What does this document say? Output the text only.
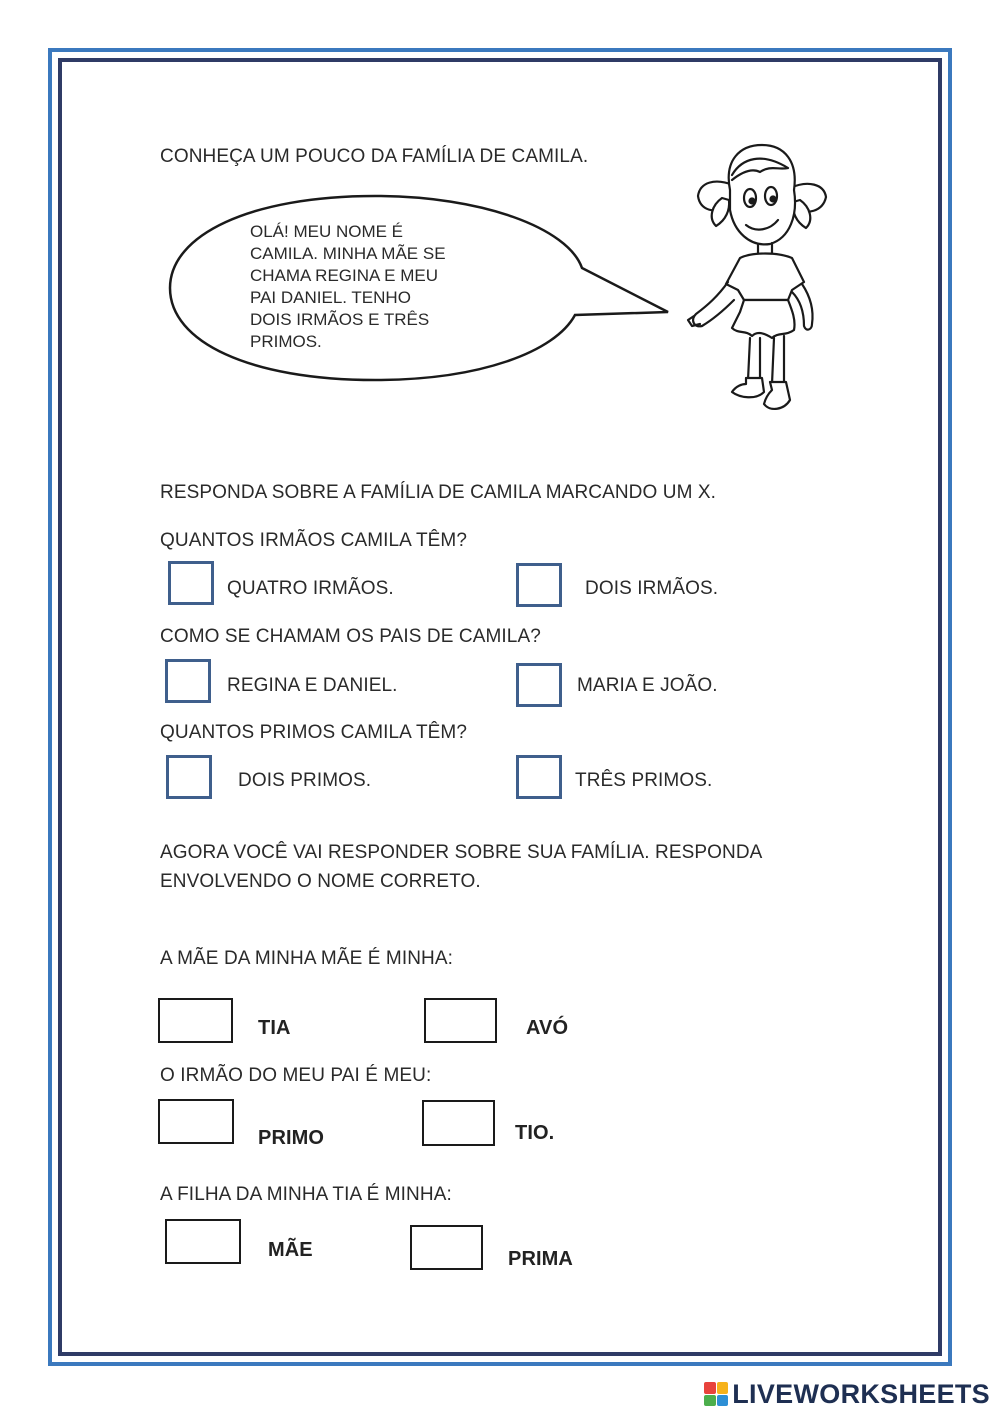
CONHEÇA UM POUCO DA FAMÍLIA DE CAMILA.
OLÁ! MEU NOME É
CAMILA. MINHA MÃE SE
CHAMA REGINA E MEU
PAI DANIEL. TENHO
DOIS IRMÃOS E TRÊS
PRIMOS.
RESPONDA SOBRE A FAMÍLIA DE CAMILA MARCANDO UM X.
QUANTOS IRMÃOS CAMILA TÊM?
QUATRO IRMÃOS.	DOIS IRMÃOS.
COMO SE CHAMAM OS PAIS DE CAMILA?
REGINA E DANIEL.	MARIA E JOÃO.
QUANTOS PRIMOS CAMILA TÊM?
DOIS PRIMOS.	TRÊS PRIMOS.
AGORA VOCÊ VAI RESPONDER SOBRE SUA FAMÍLIA. RESPONDA
ENVOLVENDO O NOME CORRETO.
A MÃE DA MINHA MÃE É MINHA:
TIA	AVÓ
O IRMÃO DO MEU PAI É MEU:
PRIMO	TIO.
A FILHA DA MINHA TIA É MINHA:
MÃE	PRIMA
LIVEWORKSHEETS
